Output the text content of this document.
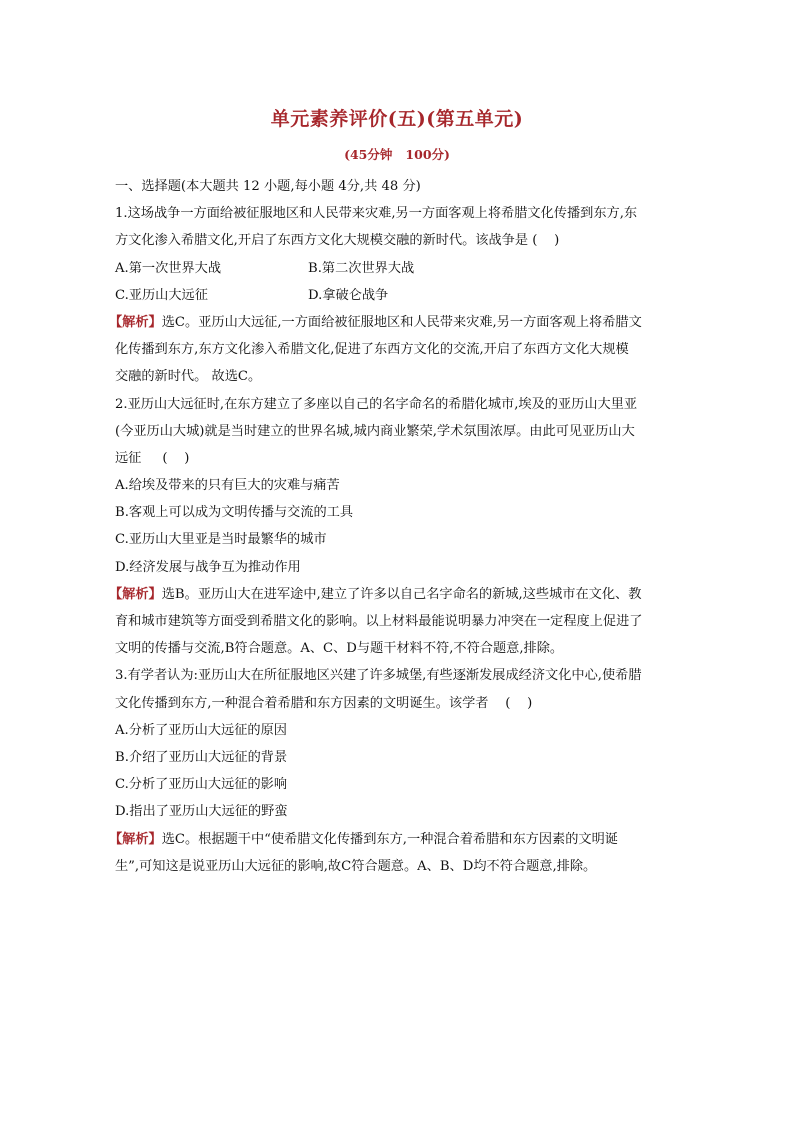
单元素养评价(五)(第五单元)
(45分钟   100分)
一、选择题(本大题共 12 小题,每小题 4分,共 48 分)
1.这场战争一方面给被征服地区和人民带来灾难,另一方面客观上将希腊文化传播到东方,东
方文化渗入希腊文化,开启了东西方文化大规模交融的新时代。该战争是 (    )
A.第一次世界大战	B.第二次世界大战
C.亚历山大远征	D.拿破仑战争
【解析】选C。亚历山大远征,一方面给被征服地区和人民带来灾难,另一方面客观上将希腊文
化传播到东方,东方文化渗入希腊文化,促进了东西方文化的交流,开启了东西方文化大规模
交融的新时代。 故选C。
2.亚历山大远征时,在东方建立了多座以自己的名字命名的希腊化城市,埃及的亚历山大里亚
(今亚历山大城)就是当时建立的世界名城,城内商业繁荣,学术氛围浓厚。由此可见亚历山大
远征     (    )
A.给埃及带来的只有巨大的灾难与痛苦
B.客观上可以成为文明传播与交流的工具
C.亚历山大里亚是当时最繁华的城市
D.经济发展与战争互为推动作用
【解析】选B。亚历山大在进军途中,建立了许多以自己名字命名的新城,这些城市在文化、教
育和城市建筑等方面受到希腊文化的影响。以上材料最能说明暴力冲突在一定程度上促进了
文明的传播与交流,B符合题意。A、C、D与题干材料不符,不符合题意,排除。
3.有学者认为:亚历山大在所征服地区兴建了许多城堡,有些逐渐发展成经济文化中心,使希腊
文化传播到东方,一种混合着希腊和东方因素的文明诞生。该学者    (    )
A.分析了亚历山大远征的原因
B.介绍了亚历山大远征的背景
C.分析了亚历山大远征的影响
D.指出了亚历山大远征的野蛮
【解析】选C。根据题干中“使希腊文化传播到东方,一种混合着希腊和东方因素的文明诞
生”,可知这是说亚历山大远征的影响,故C符合题意。A、B、D均不符合题意,排除。
